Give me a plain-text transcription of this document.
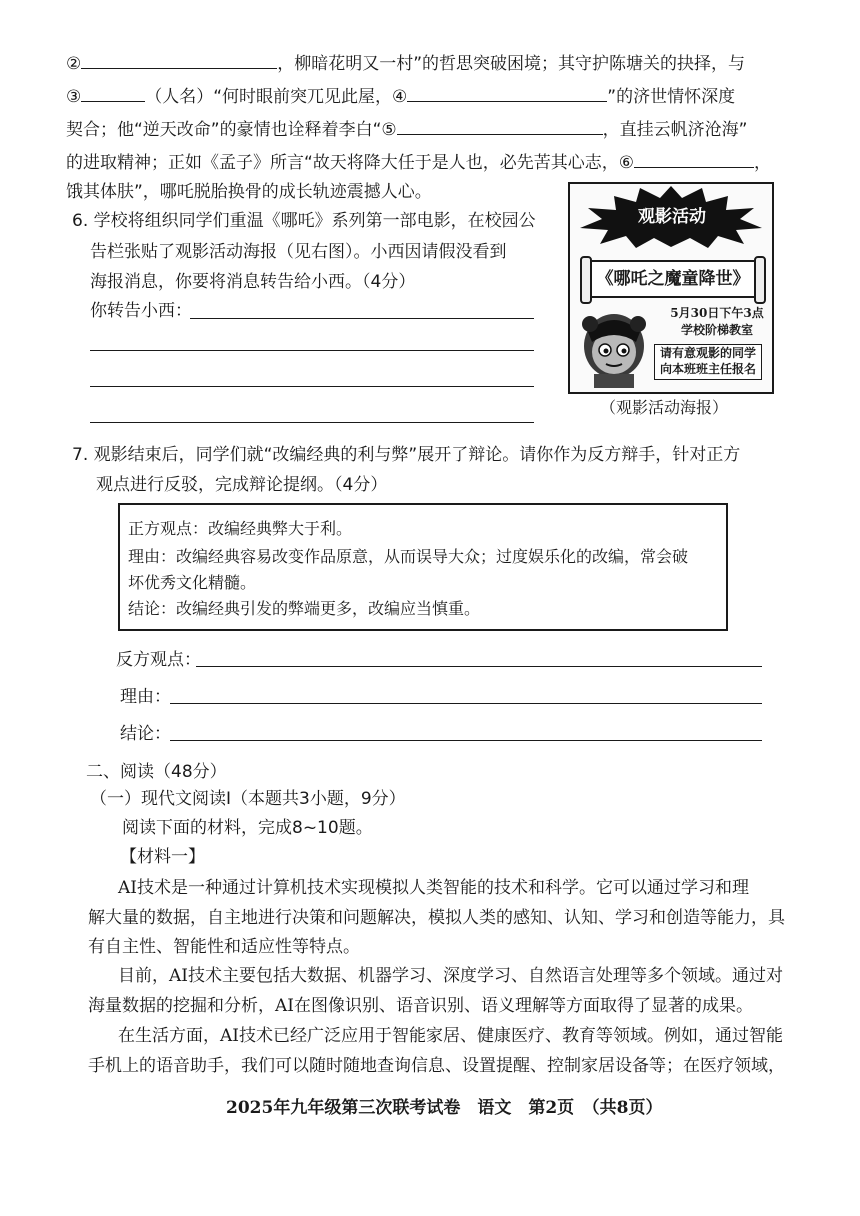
②	，柳暗花明又一村”的哲思突破困境；其守护陈塘关的抉择，与
③	（人名）“何时眼前突兀见此屋，④	”的济世情怀深度
契合；他“逆天改命”的豪情也诠释着李白“⑤	，直挂云帆济沧海”
的进取精神；正如《孟子》所言“故天将降大任于是人也，必先苦其心志，⑥	，
饿其体肤”，哪吒脱胎换骨的成长轨迹震撼人心。
6. 学校将组织同学们重温《哪吒》系列第一部电影，在校园公
告栏张贴了观影活动海报（见右图）。小西因请假没看到
海报消息，你要将消息转告给小西。（4分）
你转告小西：
观影活动
《哪吒之魔童降世》
5月30日下午3点
学校阶梯教室
请有意观影的同学
向本班班主任报名
（观影活动海报）
7. 观影结束后，同学们就“改编经典的利与弊”展开了辩论。请你作为反方辩手，针对正方
观点进行反驳，完成辩论提纲。（4分）
正方观点：改编经典弊大于利。
理由：改编经典容易改变作品原意，从而误导大众；过度娱乐化的改编，常会破
坏优秀文化精髓。
结论：改编经典引发的弊端更多，改编应当慎重。
反方观点：
理由：
结论：
二、阅读（48分）
（一）现代文阅读Ⅰ（本题共3小题，9分）
阅读下面的材料，完成8~10题。
【材料一】
AI技术是一种通过计算机技术实现模拟人类智能的技术和科学。它可以通过学习和理
解大量的数据，自主地进行决策和问题解决，模拟人类的感知、认知、学习和创造等能力，具
有自主性、智能性和适应性等特点。
目前，AI技术主要包括大数据、机器学习、深度学习、自然语言处理等多个领域。通过对
海量数据的挖掘和分析，AI在图像识别、语音识别、语义理解等方面取得了显著的成果。
在生活方面，AI技术已经广泛应用于智能家居、健康医疗、教育等领域。例如，通过智能
手机上的语音助手，我们可以随时随地查询信息、设置提醒、控制家居设备等；在医疗领域，
2025年九年级第三次联考试卷　语文　第2页　（共8页）
